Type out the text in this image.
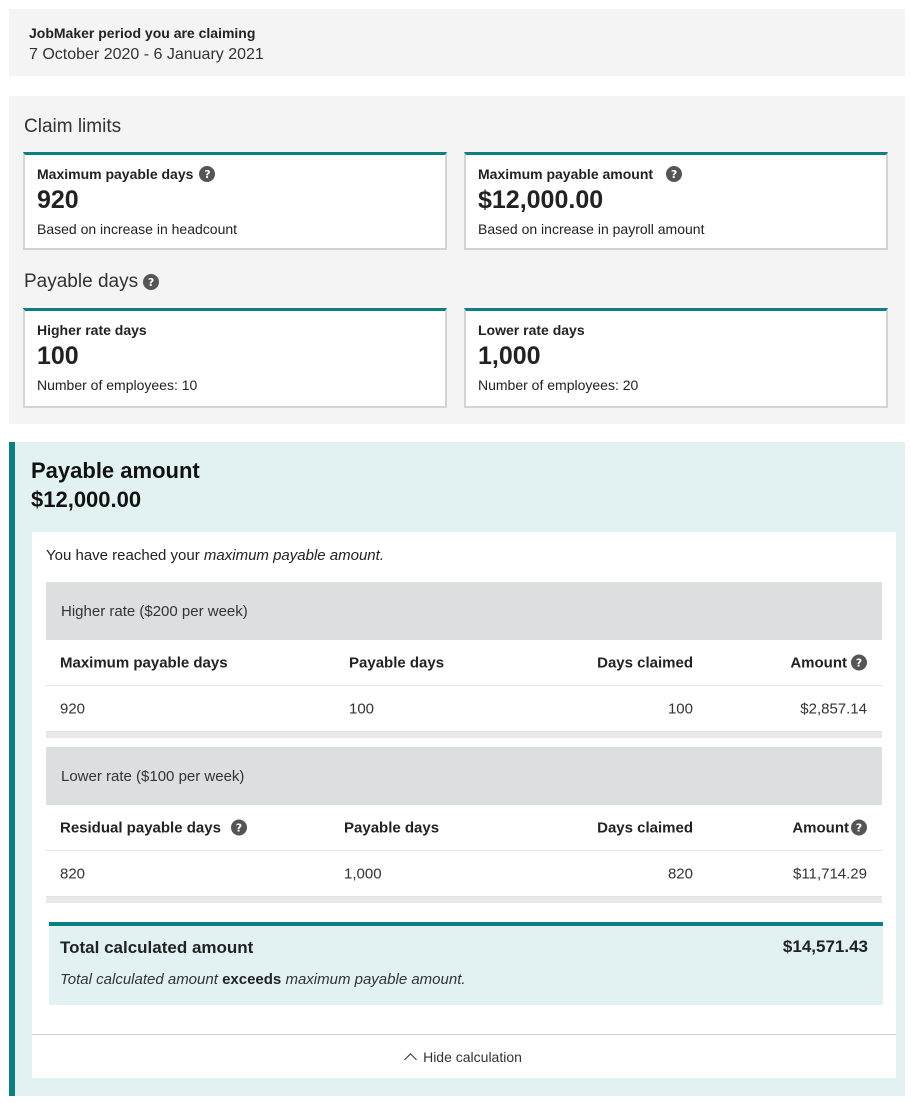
JobMaker period you are claiming
7 October 2020 - 6 January 2021
Claim limits
Maximum payable days ?
920
Based on increase in headcount
Maximum payable amount	?
$12,000.00
Based on increase in payroll amount
Payable days ?
Higher rate days
100
Number of employees: 10
Lower rate days
1,000
Number of employees: 20
Payable amount
$12,000.00
You have reached your maximum payable amount.
Higher rate ($200 per week)
Maximum payable days	Payable days	Days claimed	Amount ?
920	100	100	$2,857.14
Lower rate ($100 per week)
Residual payable days	?	Payable days	Days claimed	Amount ?
820	1,000	820	$11,714.29
Total calculated amount	$14,571.43
Total calculated amount exceeds maximum payable amount.
Hide calculation
